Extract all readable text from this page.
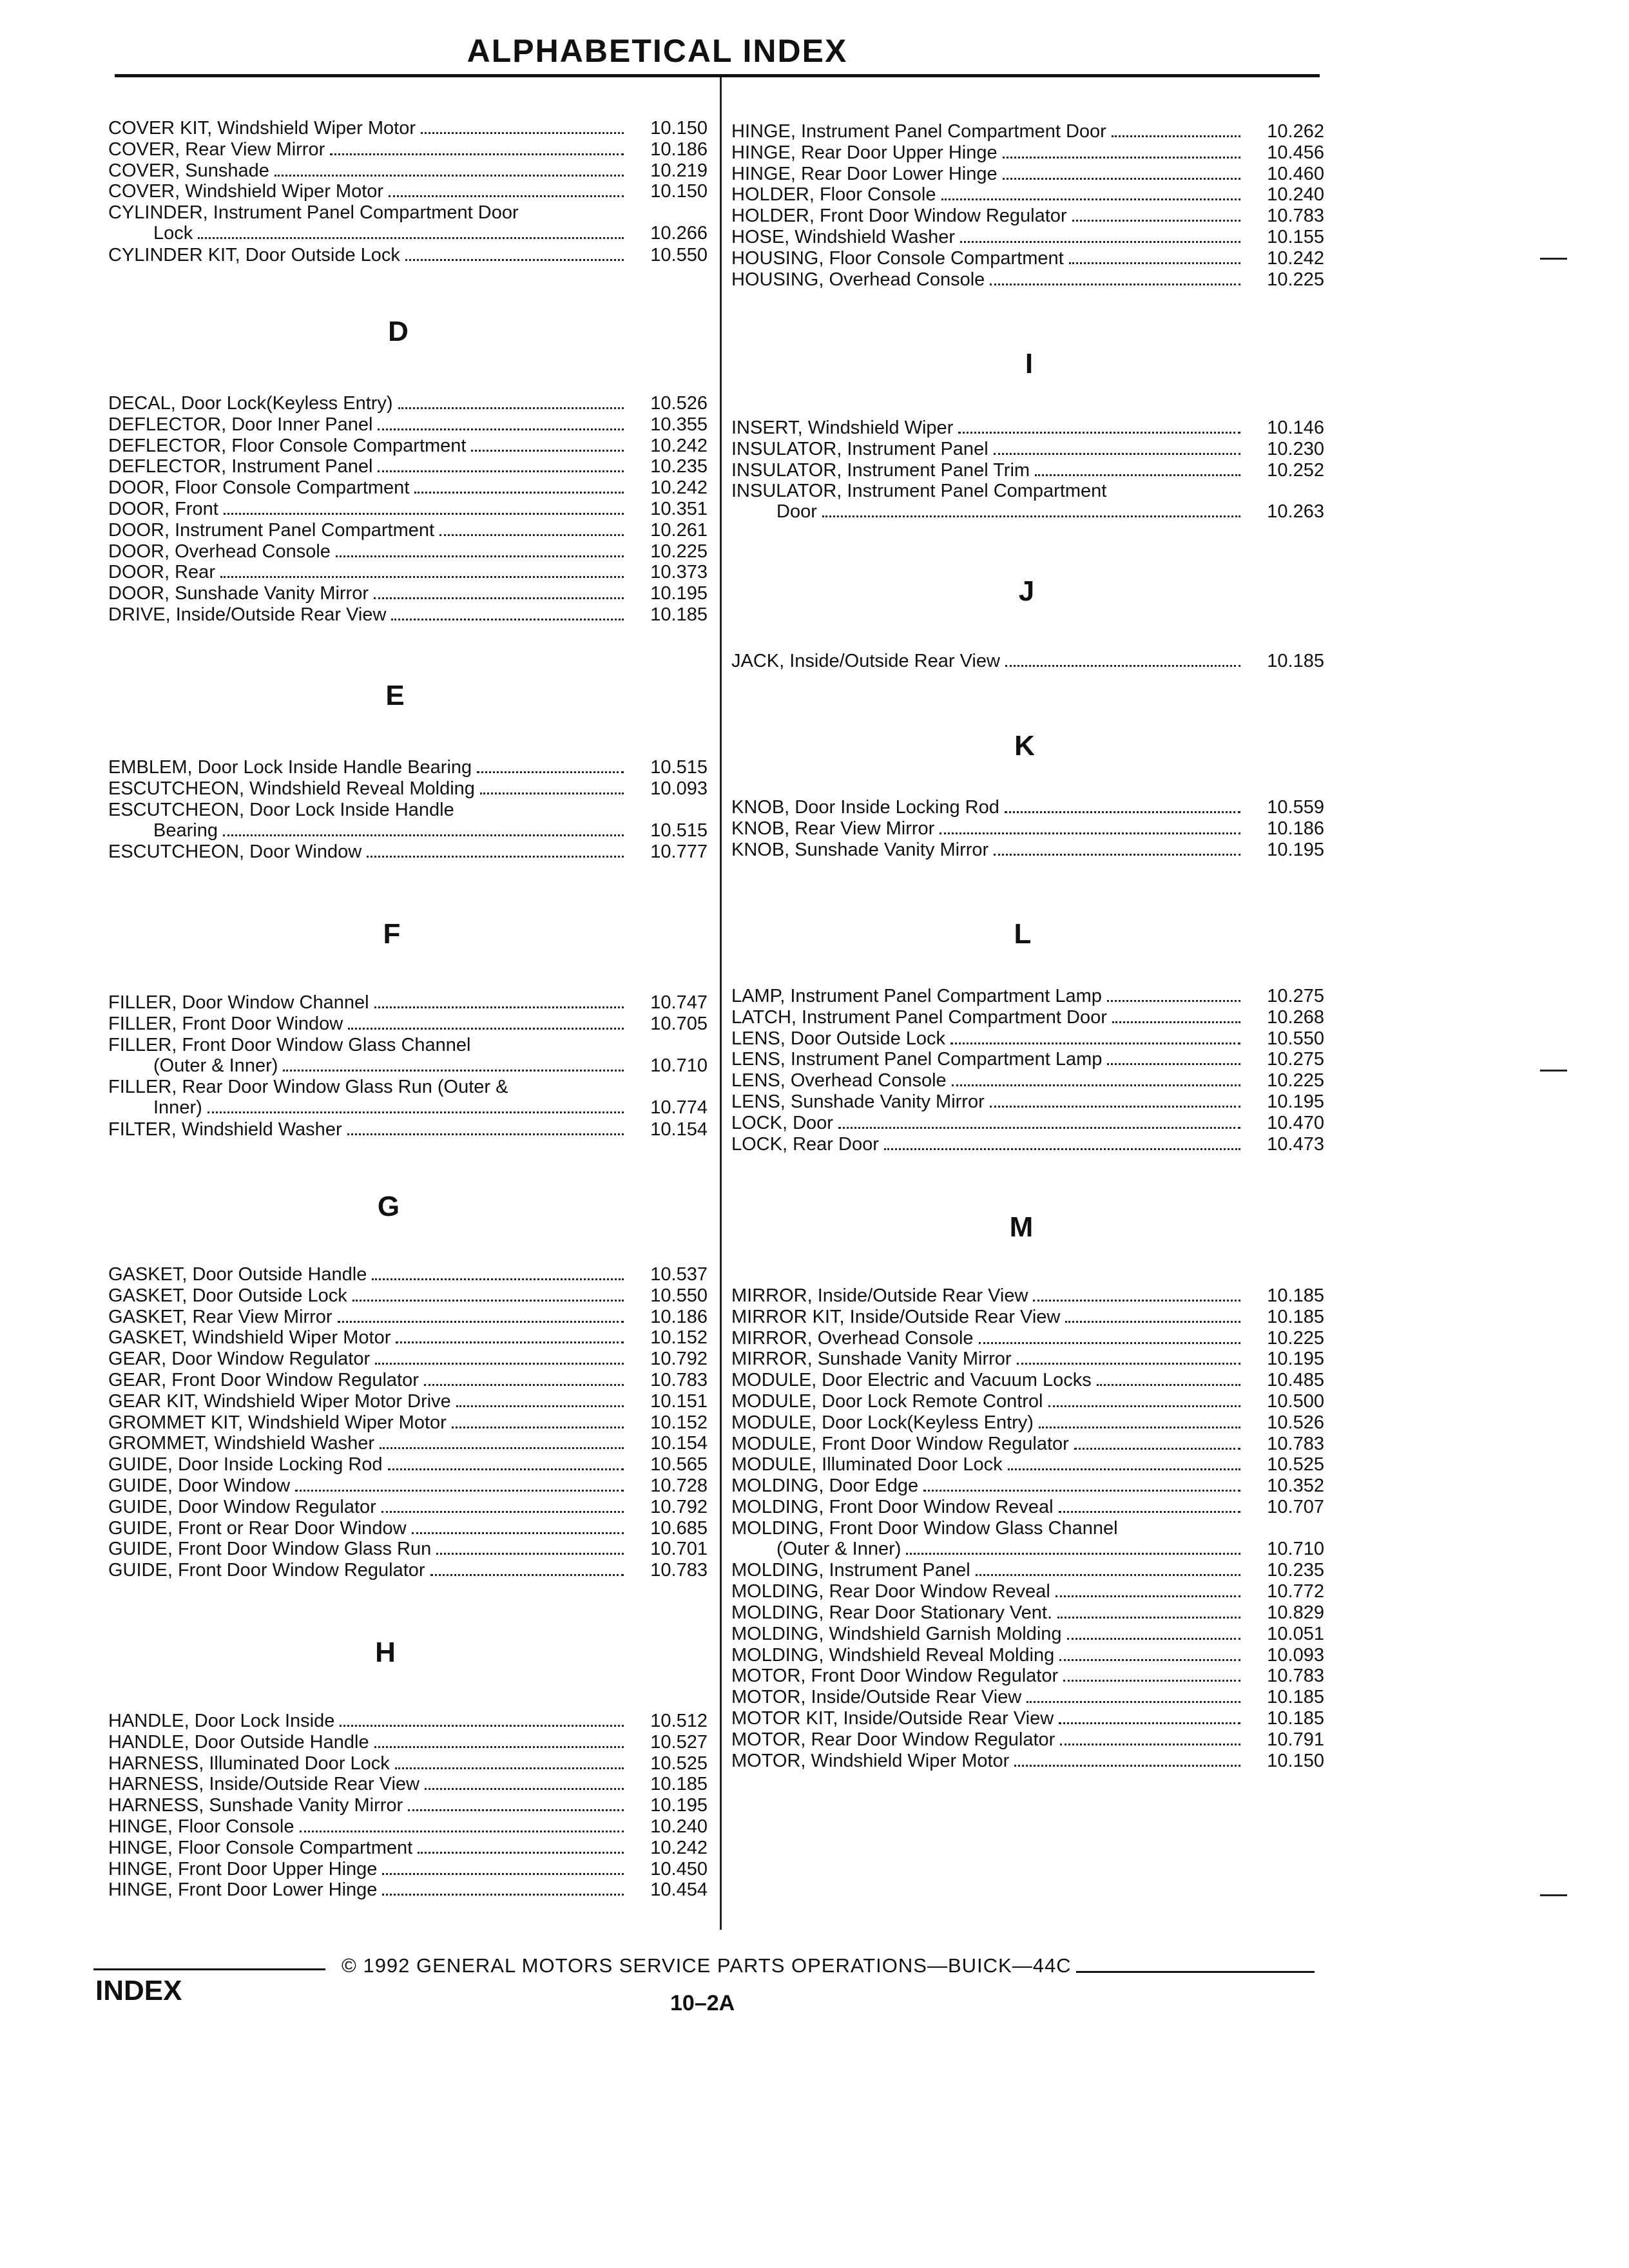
ALPHABETICAL INDEX
D
E
F
G
H
COVER KIT, Windshield Wiper Motor	10.150
COVER, Rear View Mirror	10.186
COVER, Sunshade	10.219
COVER, Windshield Wiper Motor	10.150
CYLINDER, Instrument Panel Compartment Door
Lock	10.266
CYLINDER KIT, Door Outside Lock	10.550
DECAL, Door Lock(Keyless Entry)	10.526
DEFLECTOR, Door Inner Panel	10.355
DEFLECTOR, Floor Console Compartment	10.242
DEFLECTOR, Instrument Panel	10.235
DOOR, Floor Console Compartment	10.242
DOOR, Front	10.351
DOOR, Instrument Panel Compartment	10.261
DOOR, Overhead Console	10.225
DOOR, Rear	10.373
DOOR, Sunshade Vanity Mirror	10.195
DRIVE, Inside/Outside Rear View	10.185
EMBLEM, Door Lock Inside Handle Bearing	10.515
ESCUTCHEON, Windshield Reveal Molding	10.093
ESCUTCHEON, Door Lock Inside Handle
Bearing	10.515
ESCUTCHEON, Door Window	10.777
FILLER, Door Window Channel	10.747
FILLER, Front Door Window	10.705
FILLER, Front Door Window Glass Channel
(Outer & Inner)	10.710
FILLER, Rear Door Window Glass Run (Outer &
Inner)	10.774
FILTER, Windshield Washer	10.154
GASKET, Door Outside Handle	10.537
GASKET, Door Outside Lock	10.550
GASKET, Rear View Mirror	10.186
GASKET, Windshield Wiper Motor	10.152
GEAR, Door Window Regulator	10.792
GEAR, Front Door Window Regulator	10.783
GEAR KIT, Windshield Wiper Motor Drive	10.151
GROMMET KIT, Windshield Wiper Motor	10.152
GROMMET, Windshield Washer	10.154
GUIDE, Door Inside Locking Rod	10.565
GUIDE, Door Window	10.728
GUIDE, Door Window Regulator	10.792
GUIDE, Front or Rear Door Window	10.685
GUIDE, Front Door Window Glass Run	10.701
GUIDE, Front Door Window Regulator	10.783
HANDLE, Door Lock Inside	10.512
HANDLE, Door Outside Handle	10.527
HARNESS, Illuminated Door Lock	10.525
HARNESS, Inside/Outside Rear View	10.185
HARNESS, Sunshade Vanity Mirror	10.195
HINGE, Floor Console	10.240
HINGE, Floor Console Compartment	10.242
HINGE, Front Door Upper Hinge	10.450
HINGE, Front Door Lower Hinge	10.454
I
J
K
L
M
HINGE, Instrument Panel Compartment Door	10.262
HINGE, Rear Door Upper Hinge	10.456
HINGE, Rear Door Lower Hinge	10.460
HOLDER, Floor Console	10.240
HOLDER, Front Door Window Regulator	10.783
HOSE, Windshield Washer	10.155
HOUSING, Floor Console Compartment	10.242
HOUSING, Overhead Console	10.225
INSERT, Windshield Wiper	10.146
INSULATOR, Instrument Panel	10.230
INSULATOR, Instrument Panel Trim	10.252
INSULATOR, Instrument Panel Compartment
Door	10.263
JACK, Inside/Outside Rear View	10.185
KNOB, Door Inside Locking Rod	10.559
KNOB, Rear View Mirror	10.186
KNOB, Sunshade Vanity Mirror	10.195
LAMP, Instrument Panel Compartment Lamp	10.275
LATCH, Instrument Panel Compartment Door	10.268
LENS, Door Outside Lock	10.550
LENS, Instrument Panel Compartment Lamp	10.275
LENS, Overhead Console	10.225
LENS, Sunshade Vanity Mirror	10.195
LOCK, Door	10.470
LOCK, Rear Door	10.473
MIRROR, Inside/Outside Rear View	10.185
MIRROR KIT, Inside/Outside Rear View	10.185
MIRROR, Overhead Console	10.225
MIRROR, Sunshade Vanity Mirror	10.195
MODULE, Door Electric and Vacuum Locks	10.485
MODULE, Door Lock Remote Control	10.500
MODULE, Door Lock(Keyless Entry)	10.526
MODULE, Front Door Window Regulator	10.783
MODULE, Illuminated Door Lock	10.525
MOLDING, Door Edge	10.352
MOLDING, Front Door Window Reveal	10.707
MOLDING, Front Door Window Glass Channel
(Outer & Inner)	10.710
MOLDING, Instrument Panel	10.235
MOLDING, Rear Door Window Reveal	10.772
MOLDING, Rear Door Stationary Vent.	10.829
MOLDING, Windshield Garnish Molding	10.051
MOLDING, Windshield Reveal Molding	10.093
MOTOR, Front Door Window Regulator	10.783
MOTOR, Inside/Outside Rear View	10.185
MOTOR KIT, Inside/Outside Rear View	10.185
MOTOR, Rear Door Window Regulator	10.791
MOTOR, Windshield Wiper Motor	10.150
© 1992 GENERAL MOTORS SERVICE PARTS OPERATIONS—BUICK—44C
INDEX	10–2A
